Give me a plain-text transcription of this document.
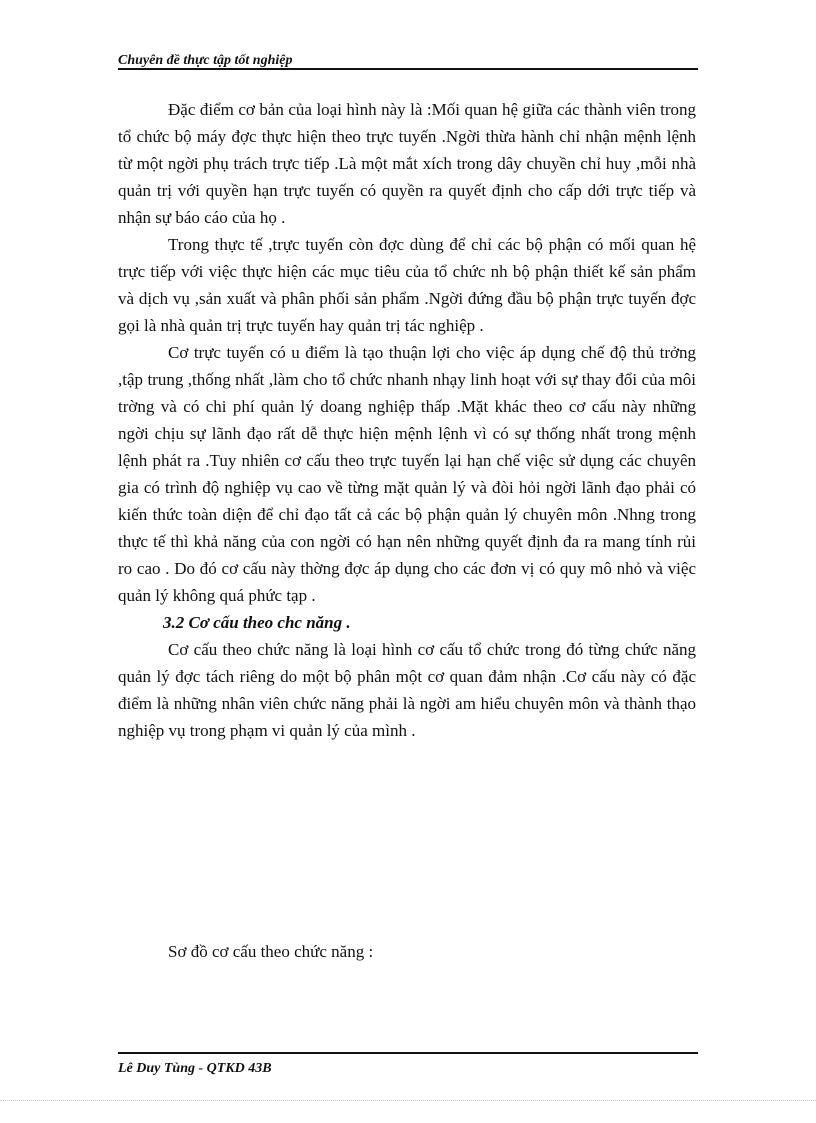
Chuyên đề thực tập tốt nghiệp

Đặc điểm cơ bản của loại hình này là :Mối quan hệ giữa các thành viên trong tổ chức bộ máy đợc thực hiện theo trực tuyến .Ngời thừa hành chỉ nhận mệnh lệnh từ một ngời phụ trách trực tiếp .Là một mắt xích trong dây chuyền chỉ huy ,mỗi nhà quản trị với quyền hạn trực tuyến có quyền ra quyết định cho cấp dới trực tiếp và nhận sự báo cáo của họ .

Trong thực tế ,trực tuyến còn đợc dùng để chỉ các bộ phận có mối quan hệ trực tiếp với việc thực hiện các mục tiêu của tổ chức nh bộ phận thiết kế sản phẩm và dịch vụ ,sản xuất và phân phối sản phẩm .Ngời đứng đầu bộ phận trực tuyến đợc gọi là nhà quản trị trực tuyến hay quản trị tác nghiệp .

Cơ trực tuyến có u điểm là tạo thuận lợi cho việc áp dụng chế độ thủ trởng ,tập trung ,thống nhất ,làm cho tổ chức nhanh nhạy linh hoạt với sự thay đổi của môi trờng và có chi phí quản lý doang nghiệp thấp .Mặt khác theo cơ cấu này những ngời chịu sự lãnh đạo rất dễ thực hiện mệnh lệnh vì có sự thống nhất trong mệnh lệnh phát ra .Tuy nhiên cơ cấu theo trực tuyến lại hạn chế việc sử dụng các chuyên gia có trình độ nghiệp vụ cao về từng mặt quản lý và đòi hỏi ngời lãnh đạo phải có kiến thức toàn diện để chỉ đạo tất cả các bộ phận quản lý chuyên môn .Nhng trong thực tế thì khả năng của con ngời có hạn nên những quyết định đa ra mang tính rủi ro cao . Do đó cơ cấu này thờng đợc áp dụng cho các đơn vị có quy mô nhỏ và việc quản lý không quá phức tạp .

3.2 Cơ cấu theo chc năng .

Cơ cấu theo chức năng là loại hình cơ cấu tổ chức trong đó từng chức năng quản lý đợc tách riêng do một bộ phân một cơ quan đảm nhận .Cơ cấu này có đặc điểm là những nhân viên chức năng phải là ngời am hiểu chuyên môn và thành thạo nghiệp vụ trong phạm vi quản lý của mình .

Sơ đồ cơ cấu theo chức năng :
Lê Duy Tùng - QTKD 43B
